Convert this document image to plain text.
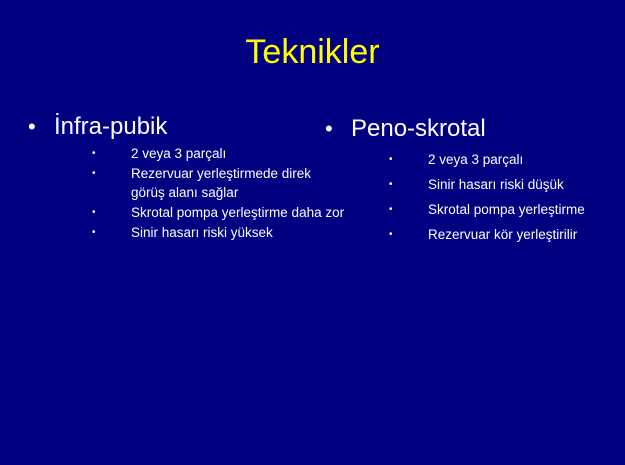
Teknikler
• İnfra-pubik
•	2 veya 3 parçalı
•	Rezervuar yerleştirmede direk görüş alanı sağlar
•	Skrotal pompa yerleştirme daha zor
•	Sinir hasarı riski yüksek
• Peno-skrotal
•	2 veya 3 parçalı
•	Sinir hasarı riski düşük
•	Skrotal pompa yerleştirme
•	Rezervuar kör yerleştirilir
